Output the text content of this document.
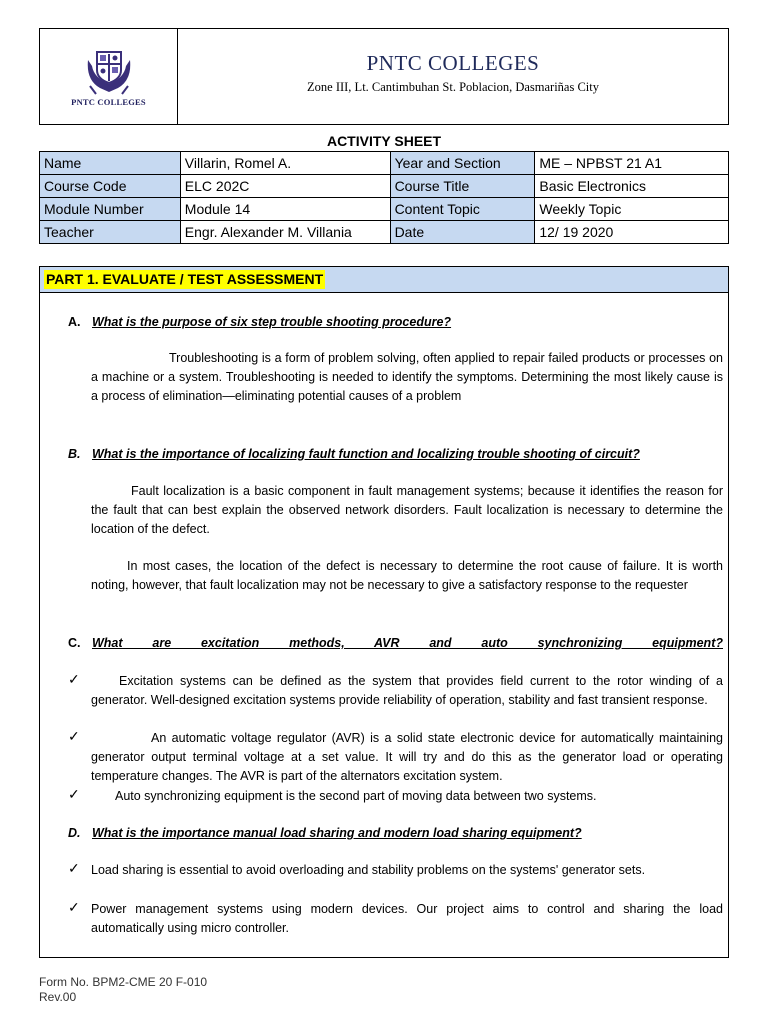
PNTC COLLEGES
PNTC COLLEGES
Zone III, Lt. Cantimbuhan St. Poblacion, Dasmariñas City
ACTIVITY SHEET
Name	Villarin, Romel A.	Year and Section	ME – NPBST 21 A1
Course Code	ELC 202C	Course Title	Basic Electronics
Module Number	Module 14	Content Topic	Weekly Topic
Teacher	Engr. Alexander M. Villania	Date	12/ 19 2020
PART 1. EVALUATE / TEST ASSESSMENT
A. What is the purpose of six step trouble shooting procedure?
Troubleshooting is a form of problem solving, often applied to repair failed products or processes on a machine or a system. Troubleshooting is needed to identify the symptoms. Determining the most likely cause is a process of elimination—eliminating potential causes of a problem
B. What is the importance of localizing fault function and localizing trouble shooting of circuit?
Fault localization is a basic component in fault management systems; because it identifies the reason for the fault that can best explain the observed network disorders. Fault localization is necessary to determine the location of the defect.
In most cases, the location of the defect is necessary to determine the root cause of failure. It is worth noting, however, that fault localization may not be necessary to give a satisfactory response to the requester
C. What are excitation methods, AVR and auto synchronizing equipment?
✓	Excitation systems can be defined as the system that provides field current to the rotor winding of a generator. Well-designed excitation systems provide reliability of operation, stability and fast transient response.
✓	An automatic voltage regulator (AVR) is a solid state electronic device for automatically maintaining generator output terminal voltage at a set value. It will try and do this as the generator load or operating temperature changes. The AVR is part of the alternators excitation system.
✓	Auto synchronizing equipment is the second part of moving data between two systems.
D. What is the importance manual load sharing and modern load sharing equipment?
✓ Load sharing is essential to avoid overloading and stability problems on the systems' generator sets.
✓ Power management systems using modern devices. Our project aims to control and sharing the load automatically using micro controller.
Form No. BPM2-CME 20 F-010
Rev.00
